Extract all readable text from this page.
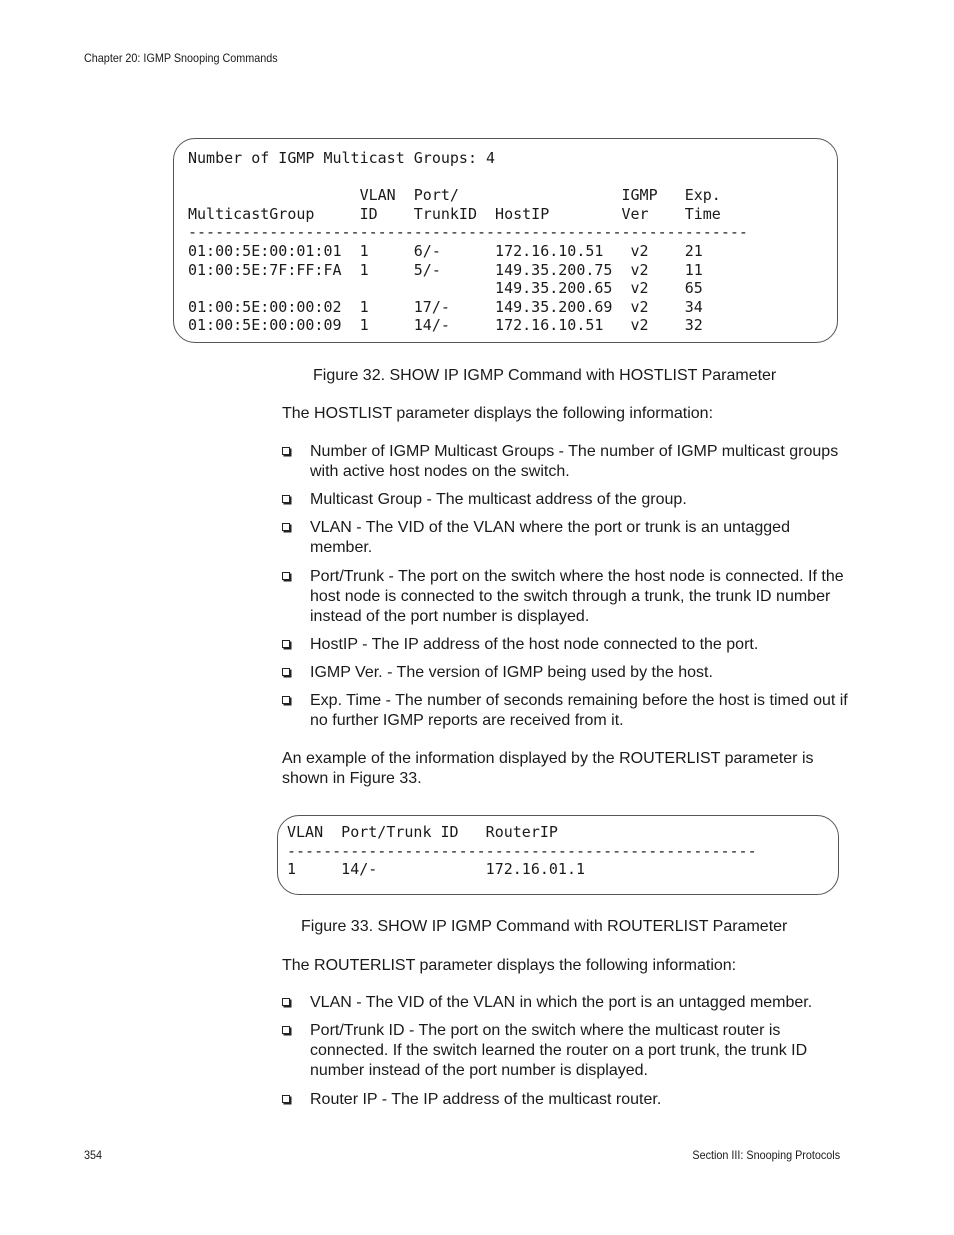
Chapter 20: IGMP Snooping Commands
Number of IGMP Multicast Groups: 4

VLAN  Port/                  IGMP   Exp.
MulticastGroup     ID    TrunkID  HostIP        Ver    Time
--------------------------------------------------------------
01:00:5E:00:01:01  1     6/-      172.16.10.51   v2    21
01:00:5E:7F:FF:FA  1     5/-      149.35.200.75  v2    11
149.35.200.65  v2    65
01:00:5E:00:00:02  1     17/-     149.35.200.69  v2    34
01:00:5E:00:00:09  1     14/-     172.16.10.51   v2    32
Figure 32. SHOW IP IGMP Command with HOSTLIST Parameter
The HOSTLIST parameter displays the following information:
Number of IGMP Multicast Groups - The number of IGMP multicast groups with active host nodes on the switch.
Multicast Group - The multicast address of the group.
VLAN - The VID of the VLAN where the port or trunk is an untagged member.
Port/Trunk - The port on the switch where the host node is connected. If the host node is connected to the switch through a trunk, the trunk ID number instead of the port number is displayed.
HostIP - The IP address of the host node connected to the port.
IGMP Ver. - The version of IGMP being used by the host.
Exp. Time - The number of seconds remaining before the host is timed out if no further IGMP reports are received from it.
An example of the information displayed by the ROUTERLIST parameter is shown in Figure 33.
VLAN  Port/Trunk ID   RouterIP
----------------------------------------------------
1     14/-            172.16.01.1
Figure 33. SHOW IP IGMP Command with ROUTERLIST Parameter
The ROUTERLIST parameter displays the following information:
VLAN - The VID of the VLAN in which the port is an untagged member.
Port/Trunk ID - The port on the switch where the multicast router is connected. If the switch learned the router on a port trunk, the trunk ID number instead of the port number is displayed.
Router IP - The IP address of the multicast router.
354	Section III: Snooping Protocols
